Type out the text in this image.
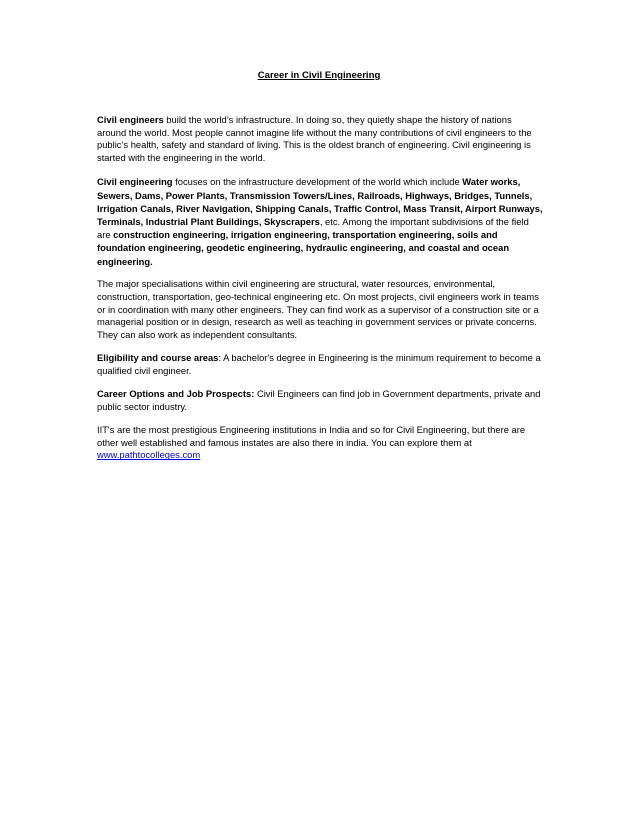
Career in Civil Engineering

Civil engineers build the world’s infrastructure. In doing so, they quietly shape the history of nations around the world. Most people cannot imagine life without the many contributions of civil engineers to the public’s health, safety and standard of living. This is the oldest branch of engineering. Civil engineering is started with the engineering in the world.

Civil engineering focuses on the infrastructure development of the world which include Water works, Sewers, Dams, Power Plants, Transmission Towers/Lines, Railroads, Highways, Bridges, Tunnels, Irrigation Canals, River Navigation, Shipping Canals, Traffic Control, Mass Transit, Airport Runways, Terminals, Industrial Plant Buildings, Skyscrapers, etc. Among the important subdivisions of the field are construction engineering, irrigation engineering, transportation engineering, soils and foundation engineering, geodetic engineering, hydraulic engineering, and coastal and ocean engineering.

The major specialisations within civil engineering are structural, water resources, environmental, construction, transportation, geo-technical engineering etc. On most projects, civil engineers work in teams or in coordination with many other engineers. They can find work as a supervisor of a construction site or a managerial position or in design, research as well as teaching in government services or private concerns. They can also work as independent consultants.

Eligibility and course areas: A bachelor's degree in Engineering is the minimum requirement to become a qualified civil engineer.

Career Options and Job Prospects: Civil Engineers can find job in Government departments, private and public sector industry.

IIT's are the most prestigious Engineering institutions in India and so for Civil Engineering, but there are other well established and famous instates are also there in india. You can explore them at
www.pathtocolleges.com
